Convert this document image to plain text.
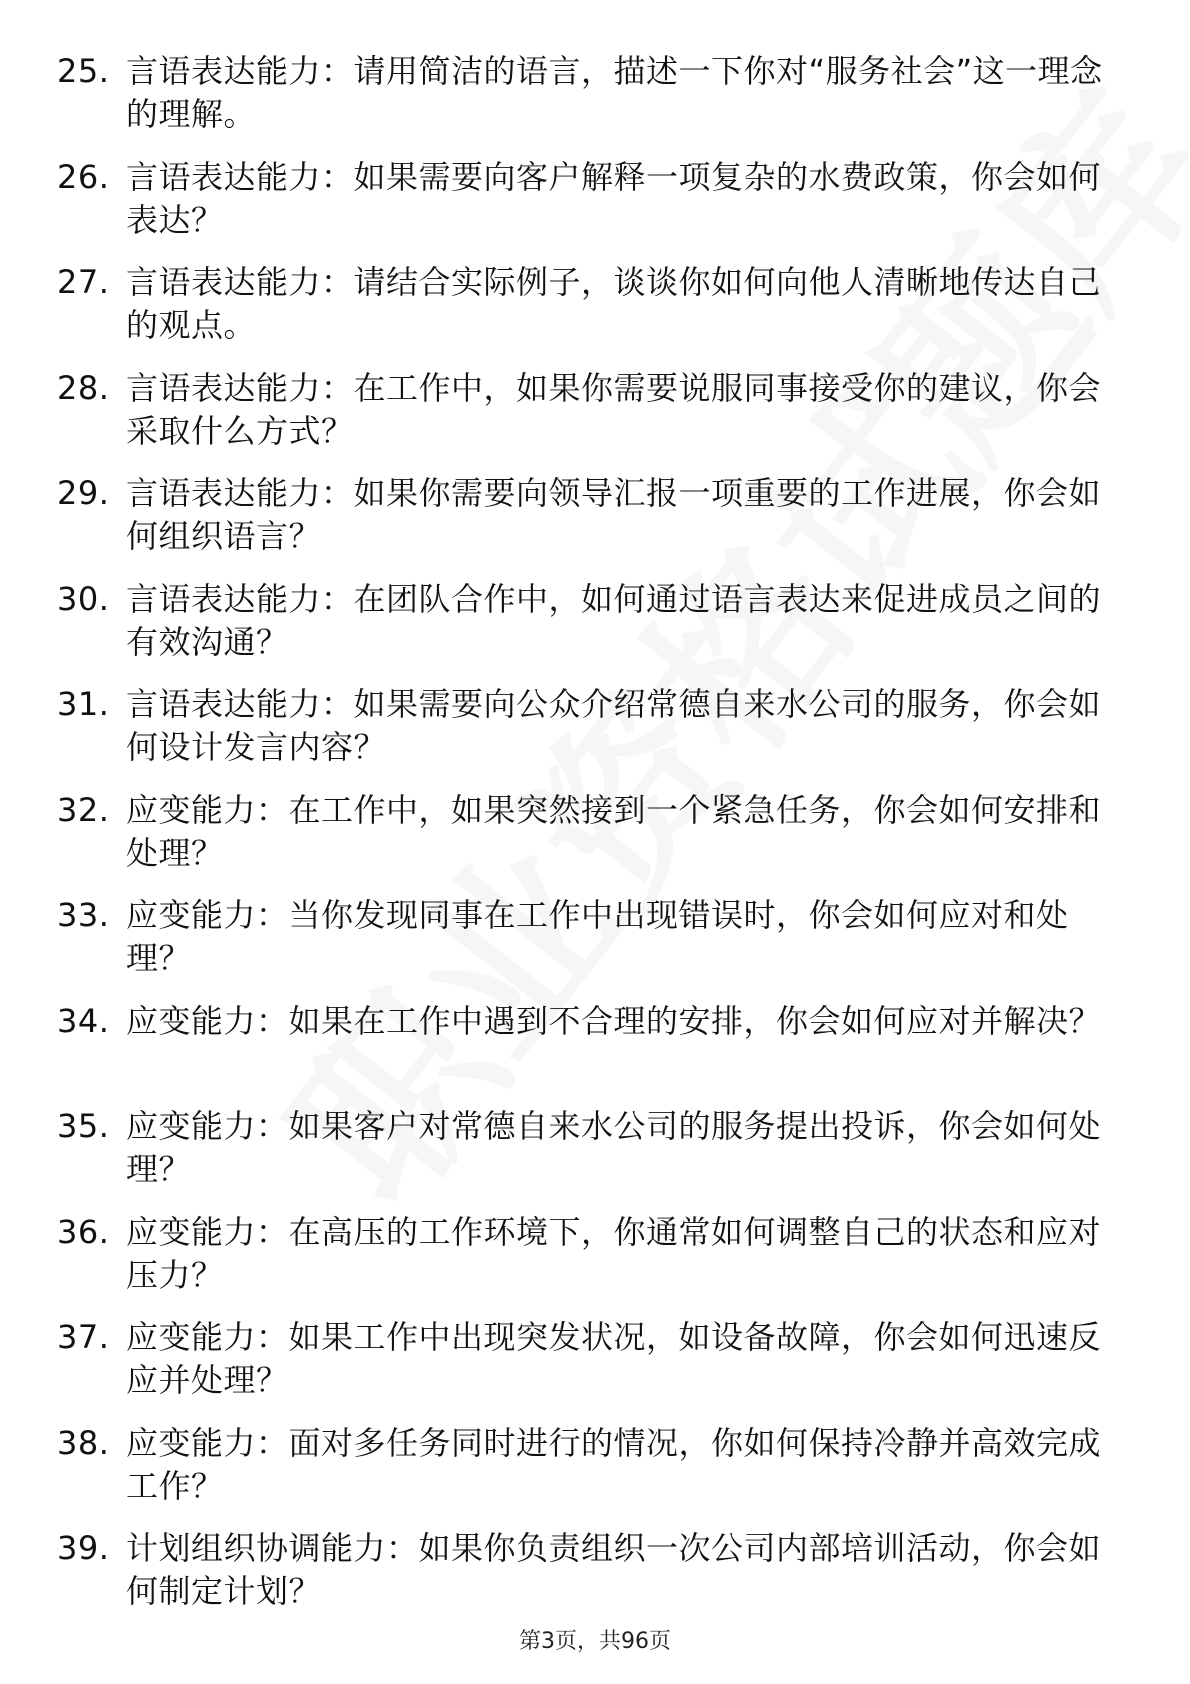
25. 言语表达能力：请用简洁的语言，描述一下你对“服务社会”这一理念的理解。
26. 言语表达能力：如果需要向客户解释一项复杂的水费政策，你会如何表达？
27. 言语表达能力：请结合实际例子，谈谈你如何向他人清晰地传达自己的观点。
28. 言语表达能力：在工作中，如果你需要说服同事接受你的建议，你会采取什么方式？
29. 言语表达能力：如果你需要向领导汇报一项重要的工作进展，你会如何组织语言？
30. 言语表达能力：在团队合作中，如何通过语言表达来促进成员之间的有效沟通？
31. 言语表达能力：如果需要向公众介绍常德自来水公司的服务，你会如何设计发言内容？
32. 应变能力：在工作中，如果突然接到一个紧急任务，你会如何安排和处理？
33. 应变能力：当你发现同事在工作中出现错误时，你会如何应对和处理？
34. 应变能力：如果在工作中遇到不合理的安排，你会如何应对并解决？
35. 应变能力：如果客户对常德自来水公司的服务提出投诉，你会如何处理？
36. 应变能力：在高压的工作环境下，你通常如何调整自己的状态和应对压力？
37. 应变能力：如果工作中出现突发状况，如设备故障，你会如何迅速反应并处理？
38. 应变能力：面对多任务同时进行的情况，你如何保持冷静并高效完成工作？
39. 计划组织协调能力：如果你负责组织一次公司内部培训活动，你会如何制定计划？
第3页，共96页
